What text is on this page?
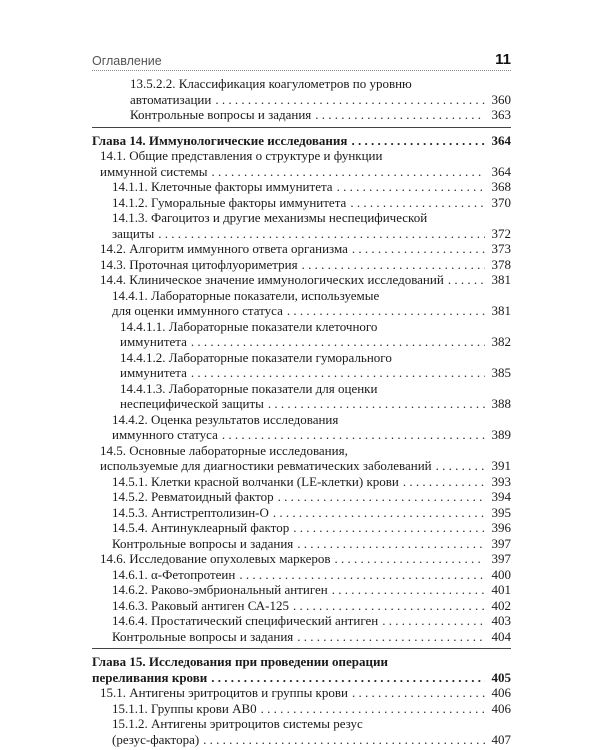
Оглавление	11
13.5.2.2. Классификация коагулометров по уровню
автоматизации . . .	360
Контрольные вопросы и задания . . .	363
Глава 14. Иммунологические исследования . . .	364
14.1. Общие представления о структуре и функции
иммунной системы . . .	364
14.1.1. Клеточные факторы иммунитета . . .	368
14.1.2. Гуморальные факторы иммунитета . . .	370
14.1.3. Фагоцитоз и другие механизмы неспецифической
защиты . . .	372
14.2. Алгоритм иммунного ответа организма . . .	373
14.3. Проточная цитофлуориметрия . . .	378
14.4. Клиническое значение иммунологических исследований . . .	381
14.4.1. Лабораторные показатели, используемые
для оценки иммунного статуса . . .	381
14.4.1.1. Лабораторные показатели клеточного
иммунитета . . .	382
14.4.1.2. Лабораторные показатели гуморального
иммунитета . . .	385
14.4.1.3. Лабораторные показатели для оценки
неспецифической защиты . . .	388
14.4.2. Оценка результатов исследования
иммунного статуса . . .	389
14.5. Основные лабораторные исследования,
используемые для диагностики ревматических заболеваний . . .	391
14.5.1. Клетки красной волчанки (LE-клетки) крови . . .	393
14.5.2. Ревматоидный фактор . . .	394
14.5.3. Антистрептолизин-О . . .	395
14.5.4. Антинуклеарный фактор . . .	396
Контрольные вопросы и задания . . .	397
14.6. Исследование опухолевых маркеров . . .	397
14.6.1. α-Фетопротеин . . .	400
14.6.2. Раково-эмбриональный антиген . . .	401
14.6.3. Раковый антиген СА-125 . . .	402
14.6.4. Простатический специфический антиген . . .	403
Контрольные вопросы и задания . . .	404
Глава 15. Исследования при проведении операции
переливания крови . . .	405
15.1. Антигены эритроцитов и группы крови . . .	406
15.1.1. Группы крови АВ0 . . .	406
15.1.2. Антигены эритроцитов системы резус
(резус-фактора) . . .	407
